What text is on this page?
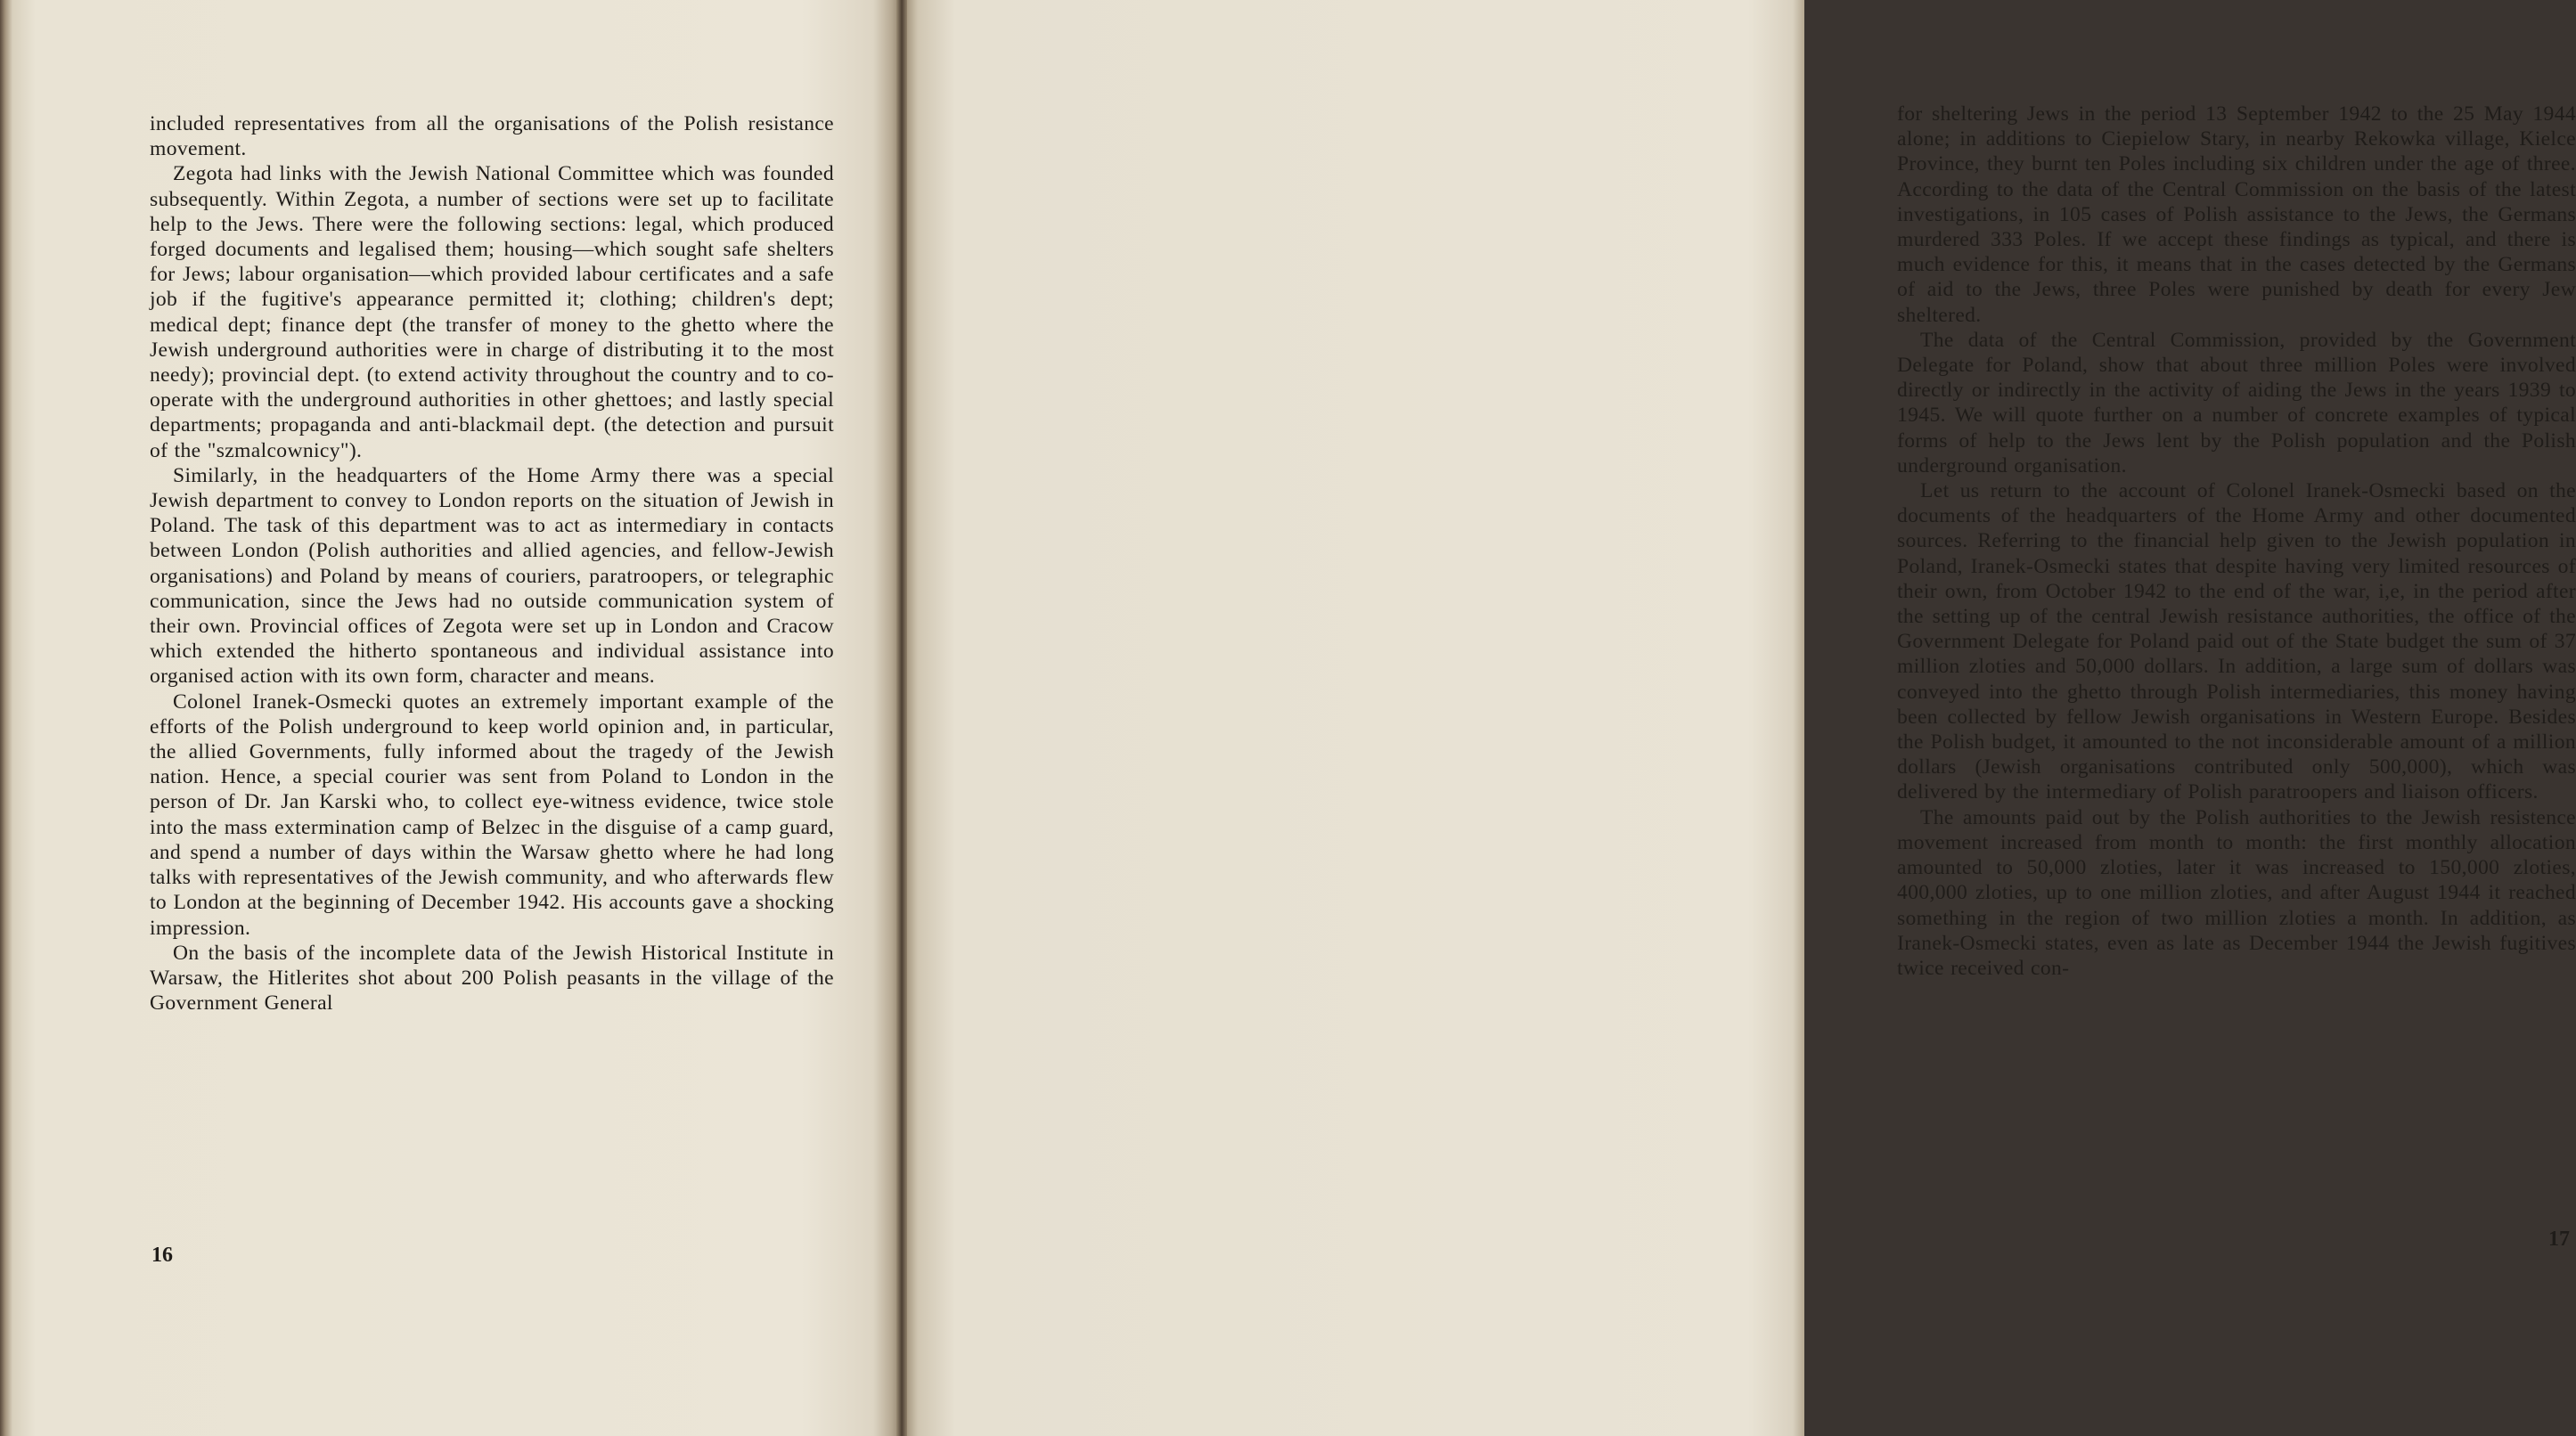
included representatives from all the organisations of the Polish resistance movement.

Zegota had links with the Jewish National Committee which was founded subsequently. Within Zegota, a number of sections were set up to facilitate help to the Jews. There were the following sections: legal, which produced forged documents and legalised them; housing—which sought safe shelters for Jews; labour organisation—which provided labour certificates and a safe job if the fugitive's appearance permitted it; clothing; children's dept; medical dept; finance dept (the transfer of money to the ghetto where the Jewish underground authorities were in charge of distributing it to the most needy); provincial dept. (to extend activity throughout the country and to co-operate with the underground authorities in other ghettoes; and lastly special departments; propaganda and anti-blackmail dept. (the detection and pursuit of the "szmalcownicy").

Similarly, in the headquarters of the Home Army there was a special Jewish department to convey to London reports on the situation of Jewish in Poland. The task of this department was to act as intermediary in contacts between London (Polish authorities and allied agencies, and fellow-Jewish organisations) and Poland by means of couriers, paratroopers, or telegraphic communication, since the Jews had no outside communication system of their own. Provincial offices of Zegota were set up in London and Cracow which extended the hitherto spontaneous and individual assistance into organised action with its own form, character and means.

Colonel Iranek-Osmecki quotes an extremely important example of the efforts of the Polish underground to keep world opinion and, in particular, the allied Governments, fully informed about the tragedy of the Jewish nation. Hence, a special courier was sent from Poland to London in the person of Dr. Jan Karski who, to collect eye-witness evidence, twice stole into the mass extermination camp of Belzec in the disguise of a camp guard, and spend a number of days within the Warsaw ghetto where he had long talks with representatives of the Jewish community, and who afterwards flew to London at the beginning of December 1942. His accounts gave a shocking impression.

On the basis of the incomplete data of the Jewish Historical Institute in Warsaw, the Hitlerites shot about 200 Polish peasants in the village of the Government General

16

for sheltering Jews in the period 13 September 1942 to the 25 May 1944 alone; in additions to Ciepielow Stary, in nearby Rekowka village, Kielce Province, they burnt ten Poles including six children under the age of three. According to the data of the Central Commission on the basis of the latest investigations, in 105 cases of Polish assistance to the Jews, the Germans murdered 333 Poles. If we accept these findings as typical, and there is much evidence for this, it means that in the cases detected by the Germans of aid to the Jews, three Poles were punished by death for every Jew sheltered.

The data of the Central Commission, provided by the Government Delegate for Poland, show that about three million Poles were involved directly or indirectly in the activity of aiding the Jews in the years 1939 to 1945. We will quote further on a number of concrete examples of typical forms of help to the Jews lent by the Polish population and the Polish underground organisation.

Let us return to the account of Colonel Iranek-Osmecki based on the documents of the headquarters of the Home Army and other documented sources. Referring to the financial help given to the Jewish population in Poland, Iranek-Osmecki states that despite having very limited resources of their own, from October 1942 to the end of the war, i,e, in the period after the setting up of the central Jewish resistance authorities, the office of the Government Delegate for Poland paid out of the State budget the sum of 37 million zloties and 50,000 dollars. In addition, a large sum of dollars was conveyed into the ghetto through Polish intermediaries, this money having been collected by fellow Jewish organisations in Western Europe. Besides the Polish budget, it amounted to the not inconsiderable amount of a million dollars (Jewish organisations contributed only 500,000), which was delivered by the intermediary of Polish paratroopers and liaison officers.

The amounts paid out by the Polish authorities to the Jewish resistence movement increased from month to month: the first monthly allocation amounted to 50,000 zloties, later it was increased to 150,000 zloties, 400,000 zloties, up to one million zloties, and after August 1944 it reached something in the region of two million zloties a month. In addition, as Iranek-Osmecki states, even as late as December 1944 the Jewish fugitives twice received con-

17
